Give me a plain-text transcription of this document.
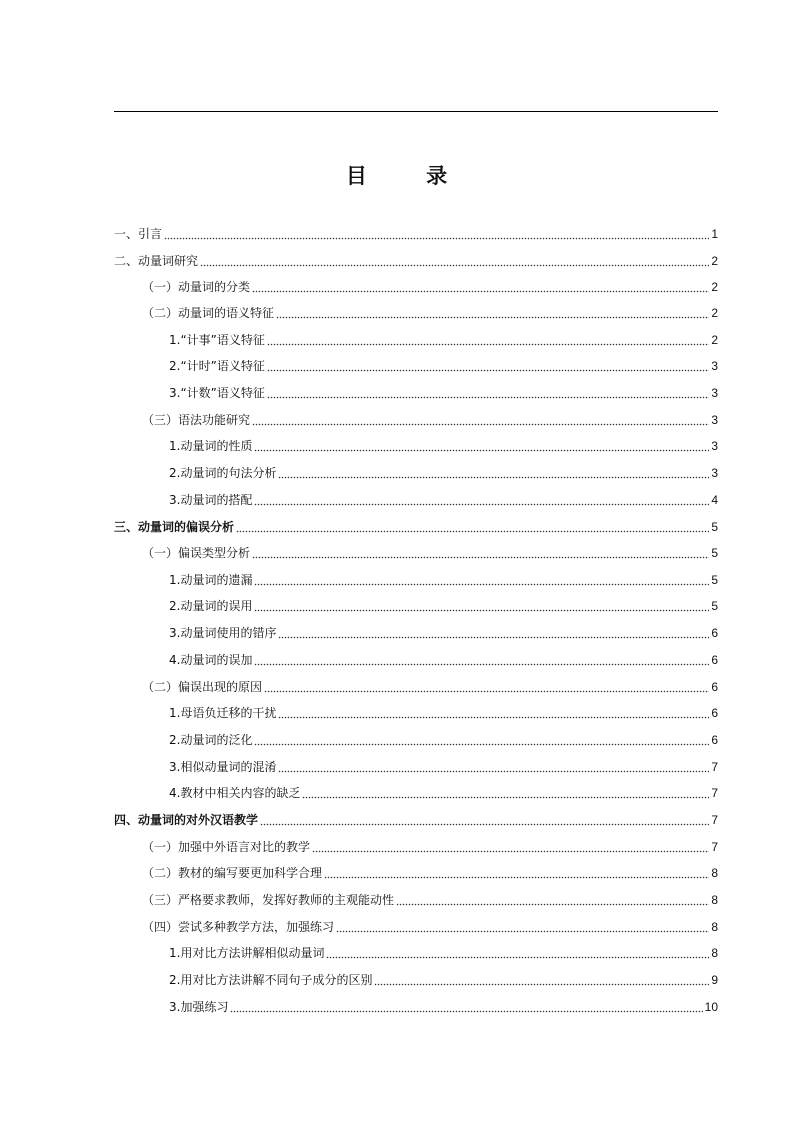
目 录
一、引言	1
二、动量词研究	2
（一）动量词的分类	2
（二）动量词的语义特征	2
1.“计事”语义特征	2
2.“计时”语义特征	3
3.“计数”语义特征	3
（三）语法功能研究	3
1.动量词的性质	3
2.动量词的句法分析	3
3.动量词的搭配	4
三、动量词的偏误分析	5
（一）偏误类型分析	5
1.动量词的遗漏	5
2.动量词的误用	5
3.动量词使用的错序	6
4.动量词的误加	6
（二）偏误出现的原因	6
1.母语负迁移的干扰	6
2.动量词的泛化	6
3.相似动量词的混淆	7
4.教材中相关内容的缺乏	7
四、动量词的对外汉语教学	7
（一）加强中外语言对比的教学	7
（二）教材的编写要更加科学合理	8
（三）严格要求教师，发挥好教师的主观能动性	8
（四）尝试多种教学方法，加强练习	8
1.用对比方法讲解相似动量词	8
2.用对比方法讲解不同句子成分的区别	9
3.加强练习	10
